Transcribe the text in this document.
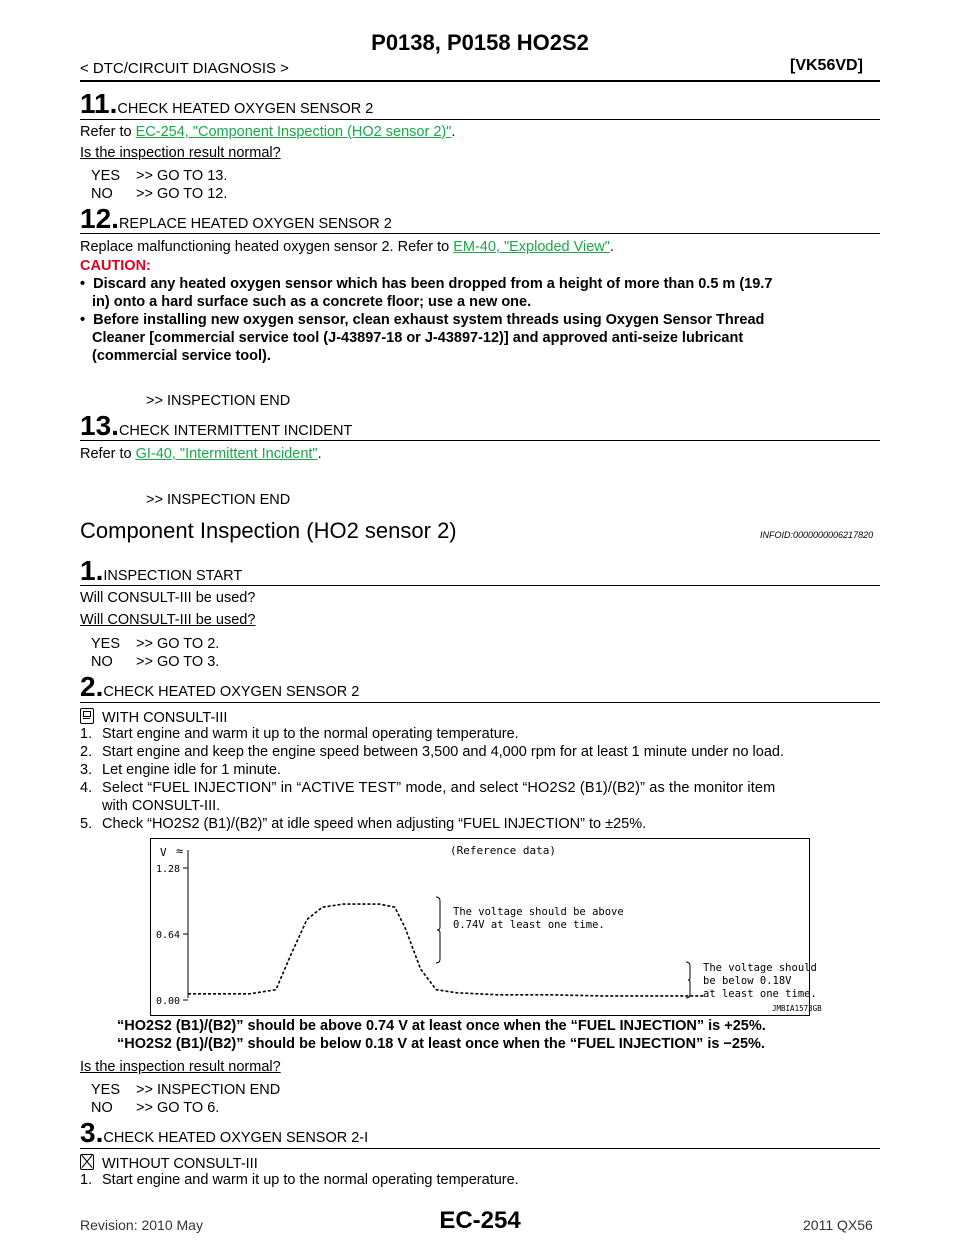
P0138, P0158 HO2S2
< DTC/CIRCUIT DIAGNOSIS >	[VK56VD]
11.CHECK HEATED OXYGEN SENSOR 2
Refer to EC-254, "Component Inspection (HO2 sensor 2)".
Is the inspection result normal?
YES >> GO TO 13.
NO >> GO TO 12.
12.REPLACE HEATED OXYGEN SENSOR 2
Replace malfunctioning heated oxygen sensor 2. Refer to EM-40, "Exploded View".
CAUTION:
•  Discard any heated oxygen sensor which has been dropped from a height of more than 0.5 m (19.7
in) onto a hard surface such as a concrete floor; use a new one.
•  Before installing new oxygen sensor, clean exhaust system threads using Oxygen Sensor Thread
Cleaner [commercial service tool (J-43897-18 or J-43897-12)] and approved anti-seize lubricant
(commercial service tool).
>> INSPECTION END
13.CHECK INTERMITTENT INCIDENT
Refer to GI-40, "Intermittent Incident".
>> INSPECTION END
Component Inspection (HO2 sensor 2)	INFOID:0000000006217820
1.INSPECTION START
Will CONSULT-III be used?
Will CONSULT-III be used?
YES >> GO TO 2.
NO >> GO TO 3.
2.CHECK HEATED OXYGEN SENSOR 2
WITH CONSULT-III
1. Start engine and warm it up to the normal operating temperature.
2. Start engine and keep the engine speed between 3,500 and 4,000 rpm for at least 1 minute under no load.
3. Let engine idle for 1 minute.
4. Select “FUEL INJECTION” in “ACTIVE TEST” mode, and select “HO2S2 (B1)/(B2)” as the monitor item
with CONSULT-III.
5. Check “HO2S2 (B1)/(B2)” at idle speed when adjusting “FUEL INJECTION” to ±25%.
V ≈	(Reference data)
1.28
0.64
0.00
The voltage should be above
0.74V at least one time.
The voltage should
be below 0.18V
at least one time.
JMBIA1573GB
“HO2S2 (B1)/(B2)” should be above 0.74 V at least once when the “FUEL INJECTION” is +25%.
“HO2S2 (B1)/(B2)” should be below 0.18 V at least once when the “FUEL INJECTION” is −25%.
Is the inspection result normal?
YES >> INSPECTION END
NO >> GO TO 6.
3.CHECK HEATED OXYGEN SENSOR 2-I
WITHOUT CONSULT-III
1. Start engine and warm it up to the normal operating temperature.
Revision: 2010 May	EC-254	2011 QX56
